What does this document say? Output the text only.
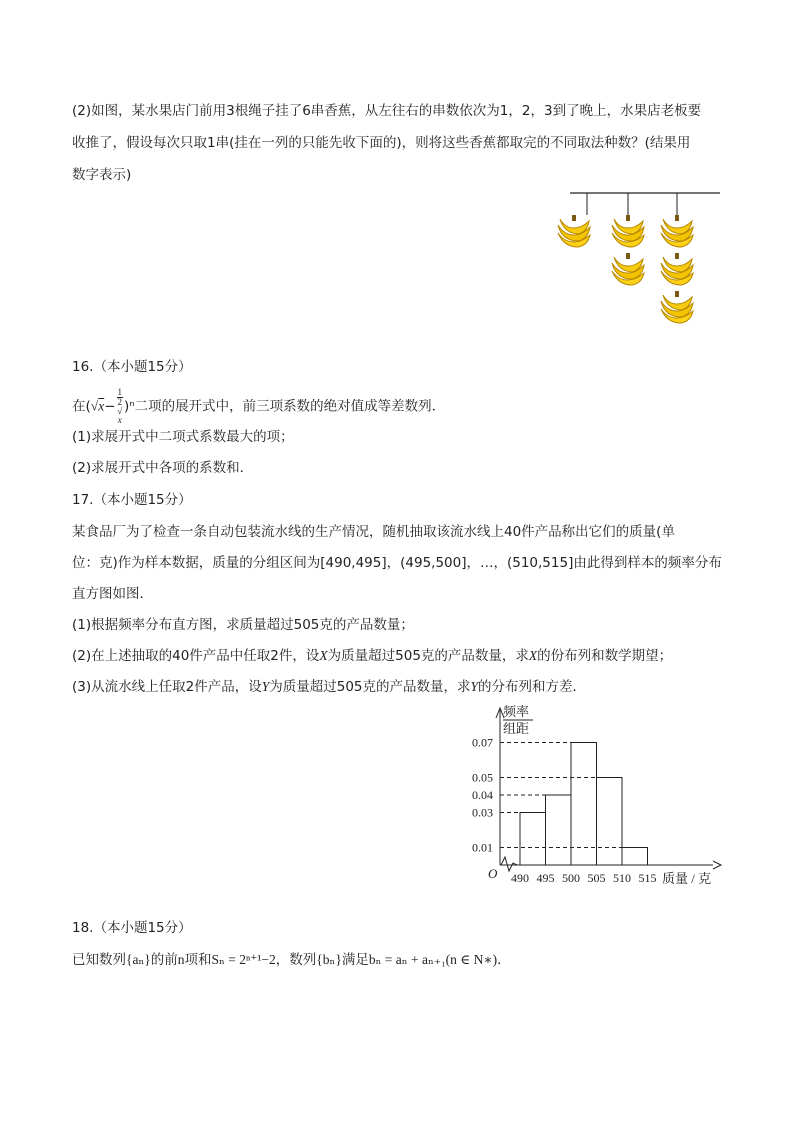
(2)如图，某水果店门前用3根绳子挂了6串香蕉，从左往右的串数依次为1，2，3到了晚上，水果店老板要
收推了，假设每次只取1串(挂在一列的只能先收下面的)，则将这些香蕉都取完的不同取法种数？(结果用
数字表示)
16.（本小题15分）
在(√x− 1
2
√
x )ⁿ二项的展开式中，前三项系数的绝对值成等差数列．
(1)求展开式中二项式系数最大的项；
(2)求展开式中各项的系数和．
17.（本小题15分）
某食品厂为了检查一条自动包装流水线的生产情况，随机抽取该流水线上40件产品称出它们的质量(单
位：克)作为样本数据，质量的分组区间为[490,495]，(495,500]，…，(510,515]由此得到样本的频率分布
直方图如图．
(1)根据频率分布直方图，求质量超过505克的产品数量；
(2)在上述抽取的40件产品中任取2件，设X为质量超过505克的产品数量，求X的份布列和数学期望；
(3)从流水线上任取2件产品，设Y为质量超过505克的产品数量，求Y的分布列和方差．
频率
组距
O
0.07
0.05
0.04
0.03
0.01
490 495 500 505 510 515 质量 / 克
18.（本小题15分）
已知数列{aₙ}的前n项和Sₙ = 2ⁿ⁺¹−2，数列{bₙ}满足bₙ = aₙ + aₙ₊₁(n ∈ N∗)．
